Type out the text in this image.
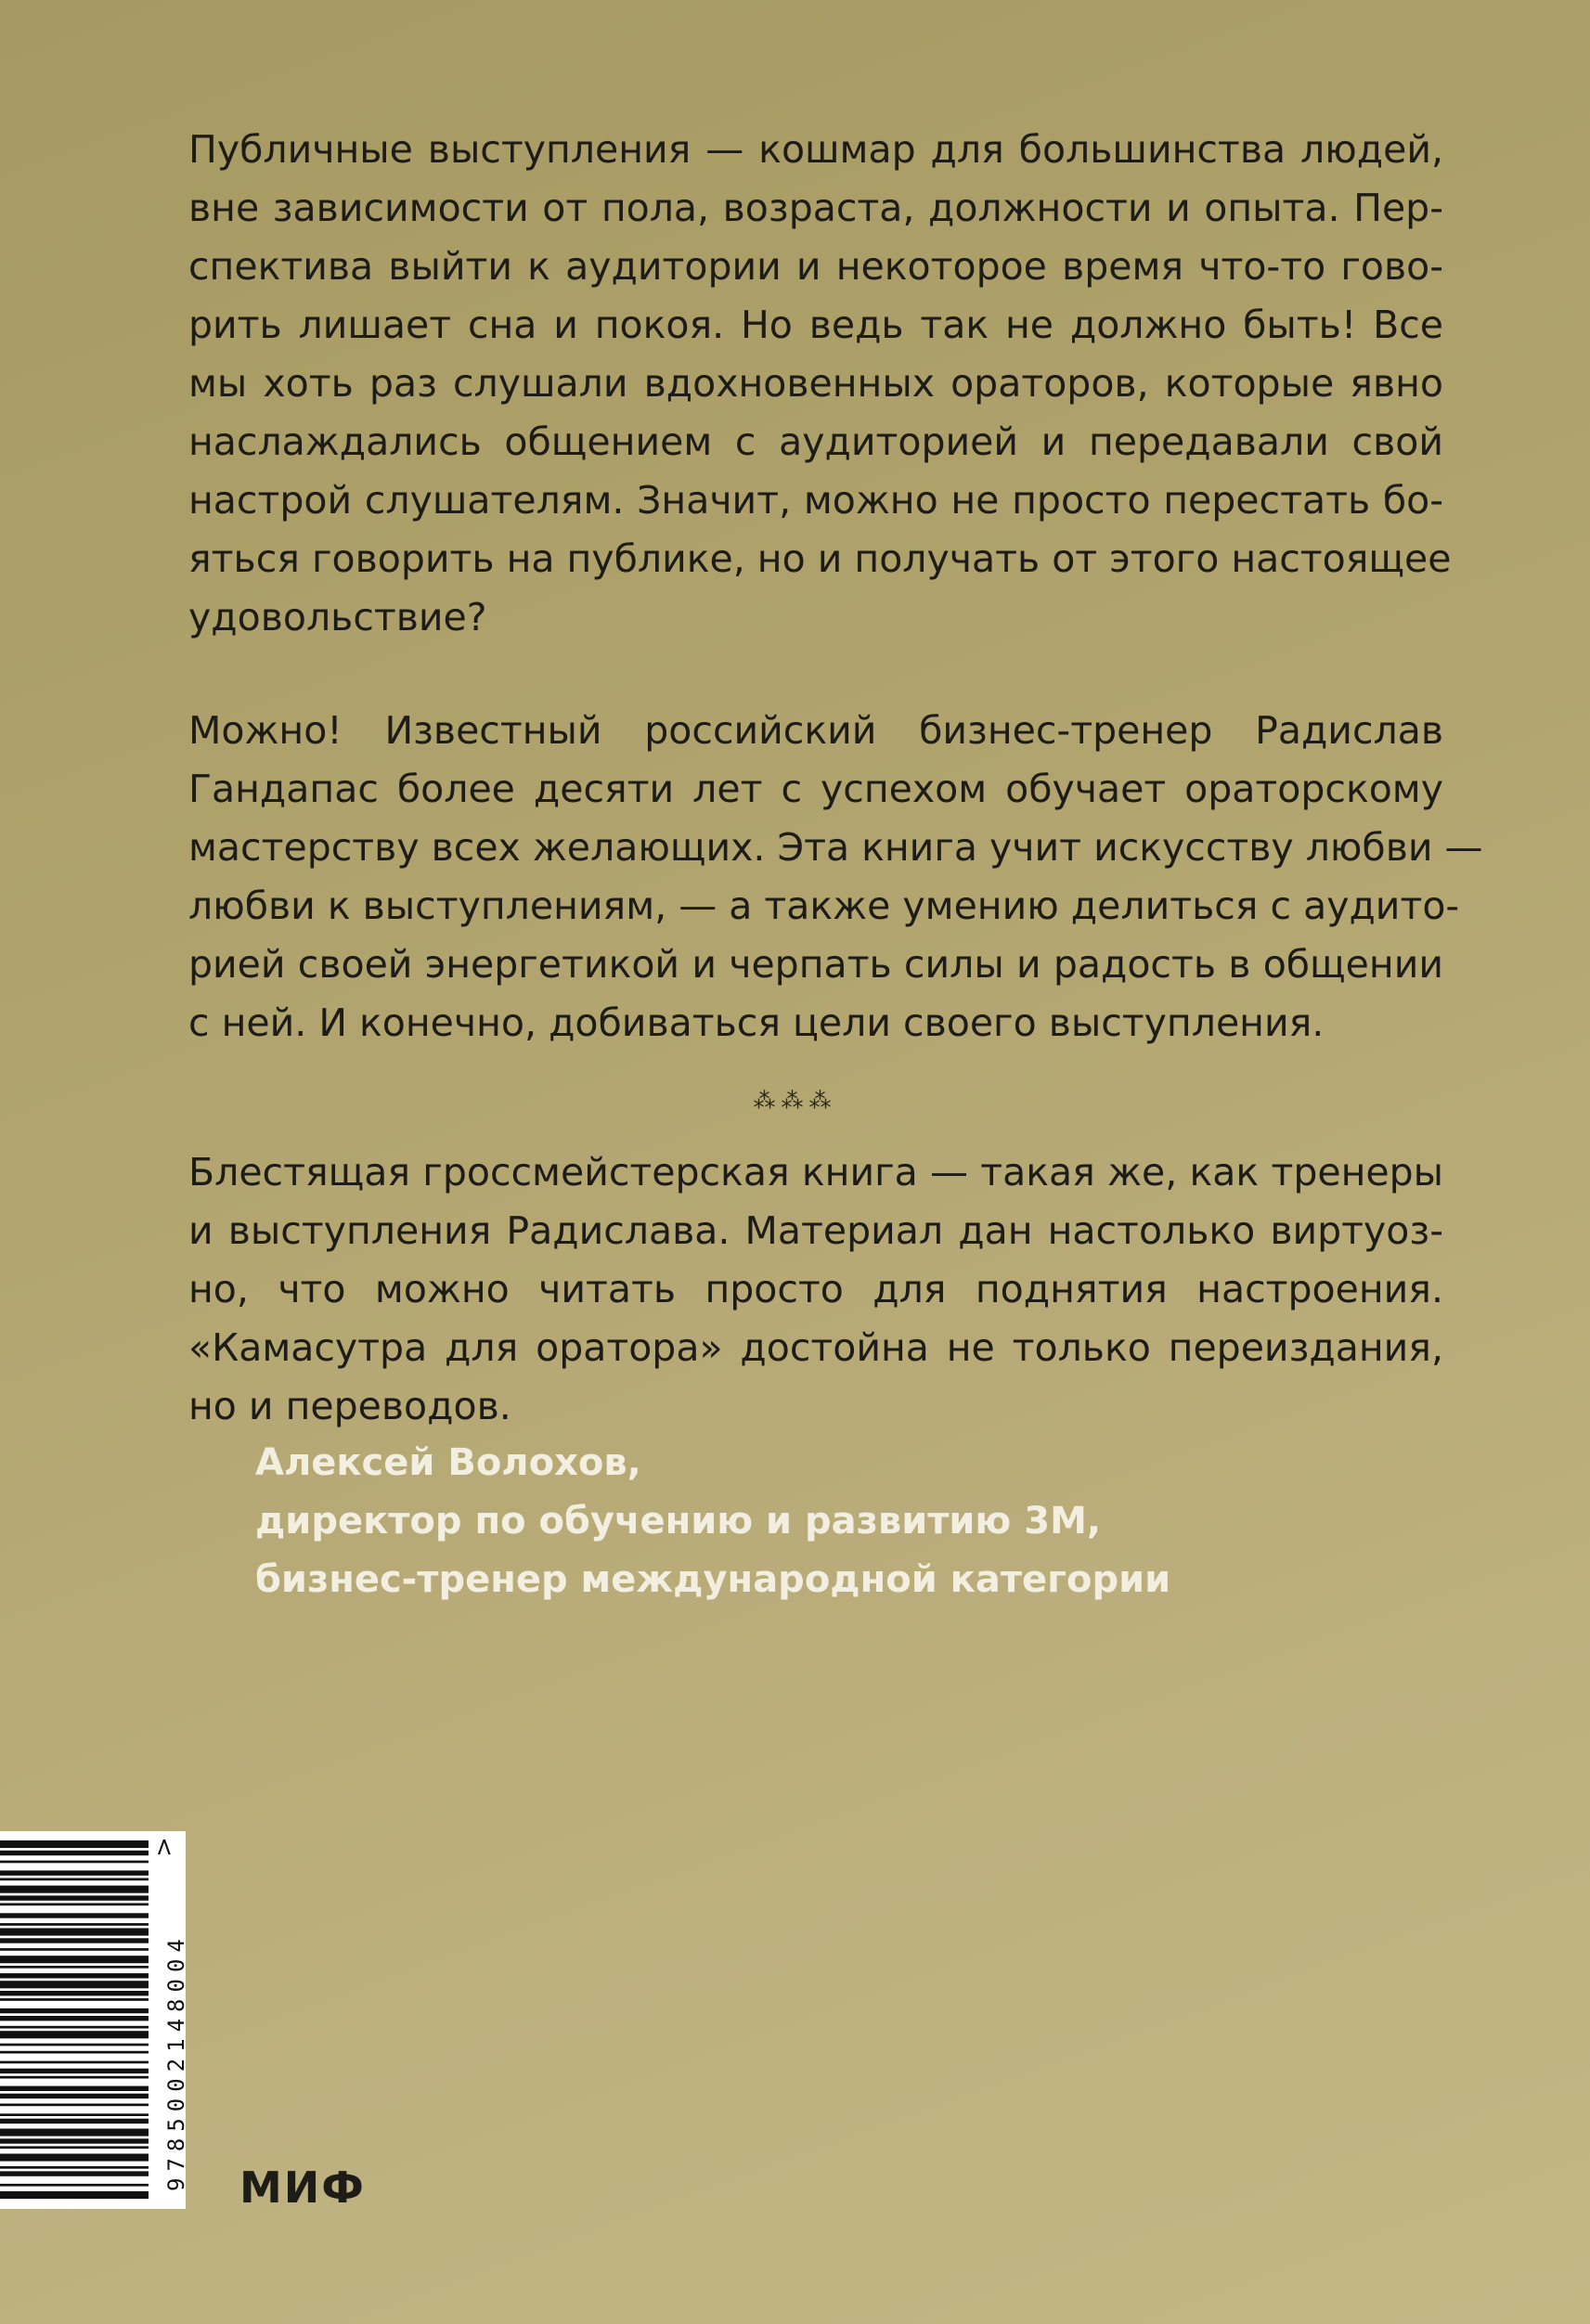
Публичные выступления — кошмар для большинства людей,
вне зависимости от пола, возраста, должности и опыта. Пер-
спектива выйти к аудитории и некоторое время что-то гово-
рить лишает сна и покоя. Но ведь так не должно быть! Все
мы хоть раз слушали вдохновенных ораторов, которые явно
наслаждались общением с аудиторией и передавали свой
настрой слушателям. Значит, можно не просто перестать бо-
яться говорить на публике, но и получать от этого настоящее
удовольствие?
Можно! Известный российский бизнес-тренер Радислав
Гандапас более десяти лет с успехом обучает ораторскому
мастерству всех желающих. Эта книга учит искусству любви —
любви к выступлениям, — а также умению делиться с аудито-
рией своей энергетикой и черпать силы и радость в общении
с ней. И конечно, добиваться цели своего выступления.
⁂⁂⁂
Блестящая гроссмейстерская книга — такая же, как тренеры
и выступления Радислава. Материал дан настолько виртуоз-
но, что можно читать просто для поднятия настроения.
«Камасутра для оратора» достойна не только переиздания,
но и переводов.
Алексей Волохов,
директор по обучению и развитию 3M,
бизнес-тренер международной категории
>
9785002148004 МИФ
